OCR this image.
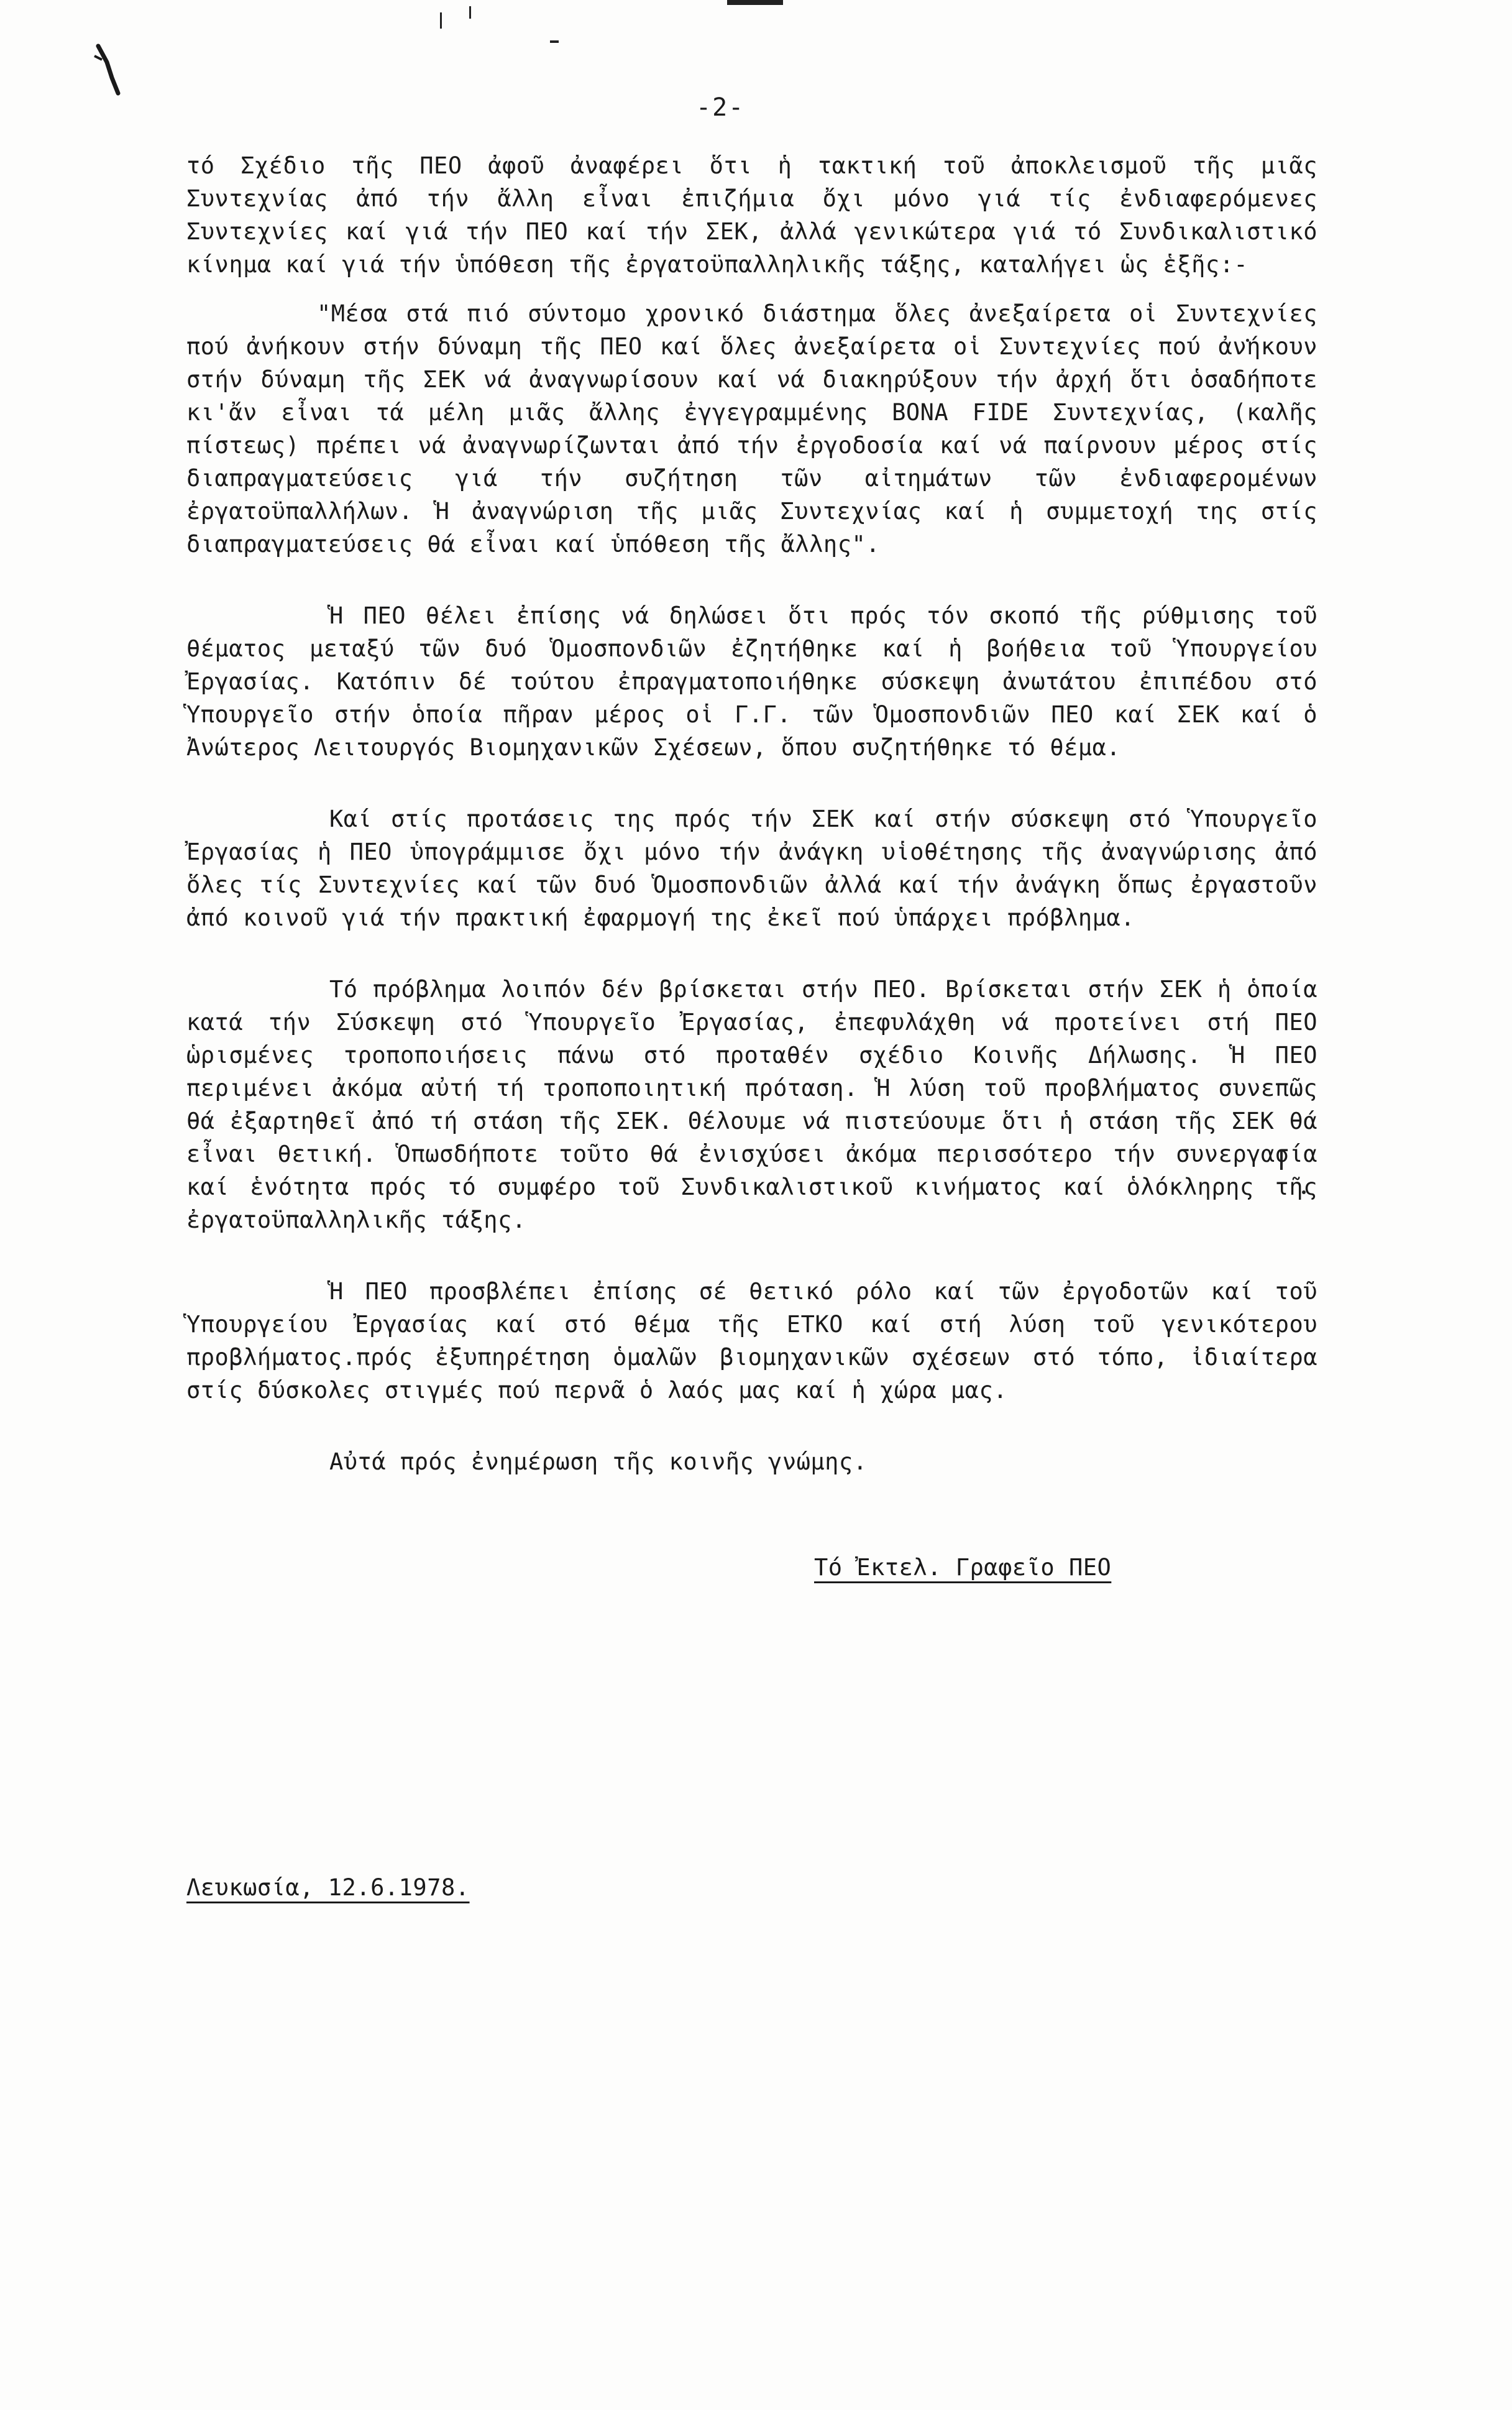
-2-

τό Σχέδιο τῆς ΠΕΟ ἀφοῦ ἀναφέρει ὅτι ἡ τακτική τοῦ ἀποκλεισμοῦ τῆς μιᾶς Συντεχνίας ἀπό τήν ἄλλη εἶναι ἐπιζήμια ὄχι μόνο γιά τίς ἐνδιαφερόμενες Συντεχνίες καί γιά τήν ΠΕΟ καί τήν ΣΕΚ, ἀλλά γενικώτερα γιά τό Συνδικαλιστικό κίνημα καί γιά τήν ὑπόθεση τῆς ἐργατοϋπαλληλικῆς τάξης, καταλήγει ὡς ἑξῆς:-

"Μέσα στά πιό σύντομο χρονικό διάστημα ὅλες ἀνεξαίρετα οἱ Συντεχνίες πού ἀνήκουν στήν δύναμη τῆς ΠΕΟ καί ὅλες ἀνεξαίρετα οἱ Συντεχνίες πού ἀνήκουν στήν δύναμη τῆς ΣΕΚ νά ἀναγνωρίσουν καί νά διακηρύξουν τήν ἀρχή ὅτι ὁσαδήποτε κι'ἄν εἶναι τά μέλη μιᾶς ἄλλης ἐγγεγραμμένης BONA FIDE Συντεχνίας, (καλῆς πίστεως) πρέπει νά ἀναγνωρίζωνται ἀπό τήν ἐργοδοσία καί νά παίρνουν μέρος στίς διαπραγματεύσεις γιά τήν συζήτηση τῶν αἰτημάτων τῶν ἐνδιαφερομένων ἐργατοϋπαλλήλων. Ἡ ἀναγνώριση τῆς μιᾶς Συντεχνίας καί ἡ συμμετοχή της στίς διαπραγματεύσεις θά εἶναι καί ὑπόθεση τῆς ἄλλης".

Ἡ ΠΕΟ θέλει ἐπίσης νά δηλώσει ὅτι πρός τόν σκοπό τῆς ρύθμισης τοῦ θέματος μεταξύ τῶν δυό Ὁμοσπονδιῶν ἐζητήθηκε καί ἡ βοήθεια τοῦ Ὑπουργείου Ἐργασίας. Κατόπιν δέ τούτου ἐπραγματοποιήθηκε σύσκεψη ἀνωτάτου ἐπιπέδου στό Ὑπουργεῖο στήν ὁποία πῆραν μέρος οἱ Γ.Γ. τῶν Ὁμοσπονδιῶν ΠΕΟ καί ΣΕΚ καί ὁ Ἀνώτερος Λειτουργός Βιομηχανικῶν Σχέσεων, ὅπου συζητήθηκε τό θέμα.

Καί στίς προτάσεις της πρός τήν ΣΕΚ καί στήν σύσκεψη στό Ὑπουργεῖο Ἐργασίας ἡ ΠΕΟ ὑπογράμμισε ὄχι μόνο τήν ἀνάγκη υἱοθέτησης τῆς ἀναγνώρισης ἀπό ὅλες τίς Συντεχνίες καί τῶν δυό Ὁμοσπονδιῶν ἀλλά καί τήν ἀνάγκη ὅπως ἐργαστοῦν ἀπό κοινοῦ γιά τήν πρακτική ἐφαρμογή της ἐκεῖ πού ὑπάρχει πρόβλημα.

Τό πρόβλημα λοιπόν δέν βρίσκεται στήν ΠΕΟ. Βρίσκεται στήν ΣΕΚ ἡ ὁποία κατά τήν Σύσκεψη στό Ὑπουργεῖο Ἐργασίας, ἐπεφυλάχθη νά προτείνει στή ΠΕΟ ὡρισμένες τροποποιήσεις πάνω στό προταθέν σχέδιο Κοινῆς Δήλωσης. Ἡ ΠΕΟ περιμένει ἀκόμα αὐτή τή τροποποιητική πρόταση. Ἡ λύση τοῦ προβλήματος συνεπῶς θά ἐξαρτηθεῖ ἀπό τή στάση τῆς ΣΕΚ. Θέλουμε νά πιστεύουμε ὅτι ἡ στάση τῆς ΣΕΚ θά εἶναι θετική. Ὁπωσδήποτε τοῦτο θά ἐνισχύσει ἀκόμα περισσότερο τήν συνεργασία καί ἑνότητα πρός τό συμφέρο τοῦ Συνδικαλιστικοῦ κινήματος καί ὁλόκληρης τῆς ἐργατοϋπαλληλικῆς τάξης.

Ἡ ΠΕΟ προσβλέπει ἐπίσης σέ θετικό ρόλο καί τῶν ἐργοδοτῶν καί τοῦ Ὑπουργείου Ἐργασίας καί στό θέμα τῆς ΕΤΚΟ καί στή λύση τοῦ γενικότερου προβλήματος.πρός ἐξυπηρέτηση ὁμαλῶν βιομηχανικῶν σχέσεων στό τόπο, ἰδιαίτερα στίς δύσκολες στιγμές πού περνᾶ ὁ λαός μας καί ἡ χώρα μας.

Αὐτά πρός ἐνημέρωση τῆς κοινῆς γνώμης.

Τό Ἐκτελ. Γραφεῖο ΠΕΟ
Λευκωσία, 12.6.1978.
